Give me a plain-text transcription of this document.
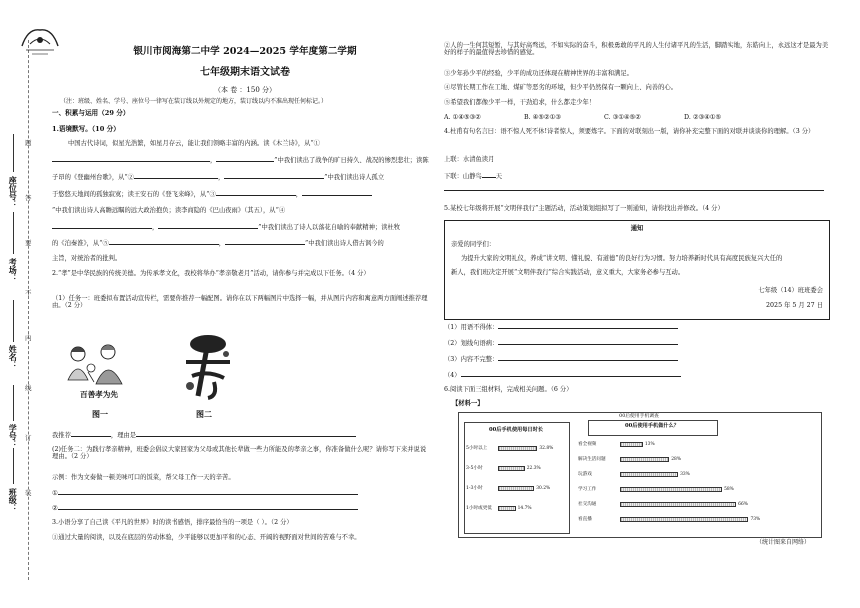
座位号：
考场：
姓名：
学号：
班级：
题
答
要
不
内
线
订
装
银川市阅海第二中学 2024—2025 学年度第二学期
七年级期末语文试卷
（本 卷 ：150 分）
（注：班级、姓名、学号、座位号一律写在装订线以外规定的地方，装订线以内不准出现任何标记。）
一、积累与运用（29 分）
1.语境默写。（10 分）
中国古代诗词，似星光浩繁，如星月存云，能让我们领略丰富的内涵。读《木兰诗》，从“①
，	”中我们读出了战争的旷日持久、战况的惨烈悲壮；读陈
子昂的《登幽州台歌》，从“②	，	”中我们读出诗人孤立
于悠悠天地间的孤独寂寞；读王安石的《登飞来峰》，从“③	，
”中我们读出诗人高瞻远瞩的远大政治抱负；读李商隐的《巴山夜雨》（其五），从“④
，	”中我们读出了诗人以落花自喻的奉献精神；读杜牧
的《泊秦淮》，从“⑤	，	”中我们读出诗人借古讽今的
主旨，对统治者的批判。
2.“孝”是中华民族的传统美德。为传承孝文化，我校将举办“孝亲敬老月”活动，请你参与并完成以下任务。（4 分）
（1）任务一：班委拟布置活动宣传栏，需要你推荐一幅配图。请你在以下两幅图片中选择一幅，并从图片内容和寓意两方面阐述推荐理由。（2 分）
百善孝为先
图一
孝
图二
我推荐	，理由是
(2)任务二：为践行孝亲精神，班委会倡议大家回家为父母或其他长辈做一些力所能及的孝亲之事，你准备做什么呢？请你写下来并说说理由。（2 分）
示例：作为文奏做一顿美味可口的饭菜，帮父母工作一天的辛苦。
①
②
3.小语分享了自己读《平凡的世界》时的读书感悟，排序最恰当的一项是（ ）。（2 分）
①通过大量的阅读，以及在底层的劳动体验，少平能够以更加平和的心态、开阔的视野面对世间的苦难与不幸。
②人的一生何其短暂，与其好高骛远，不如实际的奋斗，积极勇敢的平凡的人生付诸平凡的生活，脚踏实地，东皓向上，永远这才是最为美好的样子的最值得去珍惜的感觉。
③少年孙少平的经验，少平的成功还体现在精神世界的丰富和满足。
④尽管长期工作在工地、煤矿等恶劣的环境，但少平仍然保有一颗向上、向善的心。
⑤希望我们都像少平一样，干劲追求，什么都走少年！
A. ①④⑤③②	B. ④⑤②①③	C. ③①④⑤②	D. ②③④①⑤
4.杜甫有句名言曰：语不惊人死不休!诗者惊人，须要炼字。下面的对联刻出一版，请你补充完整下面的对联并谈谈你的理解。（3 分）
上联：水清鱼读月
下联：山静鸟 天
5.某校七年级将开展“文明伴我行”主题活动，活动策划组拟写了一则通知，请你找出并修改。（4 分）
通知
亲爱的同学们：
为提升大家的文明礼仪，养成“讲文明、懂礼貌、有道德”的良好行为习惯。努力培养新时代具有高度民族复兴大任的
新人，我们班决定开展“文明伴我行”综合实践活动，意义重大，大家务必参与互动。
七年级（14）班班委会
2025 年 5 月 27 日
（1）用语不得体：
（2）划线句语病：
（3）内容不完整：
（4）
6.阅读下面三组材料，完成相关问题。（6 分）
【材料一】
00后使用手机调查
00后手机使用每日时长
5小时以上	32.8%
3-5小时	22.3%
1-3小时	30.2%
1小时或更低	14.7%
00后使用手机做什么？
看全视频	13%
解决生活问题	28%
玩游戏	33%
学习工作	58%
社交沟通	66%
看直播	73%
（统计图来自网络）
